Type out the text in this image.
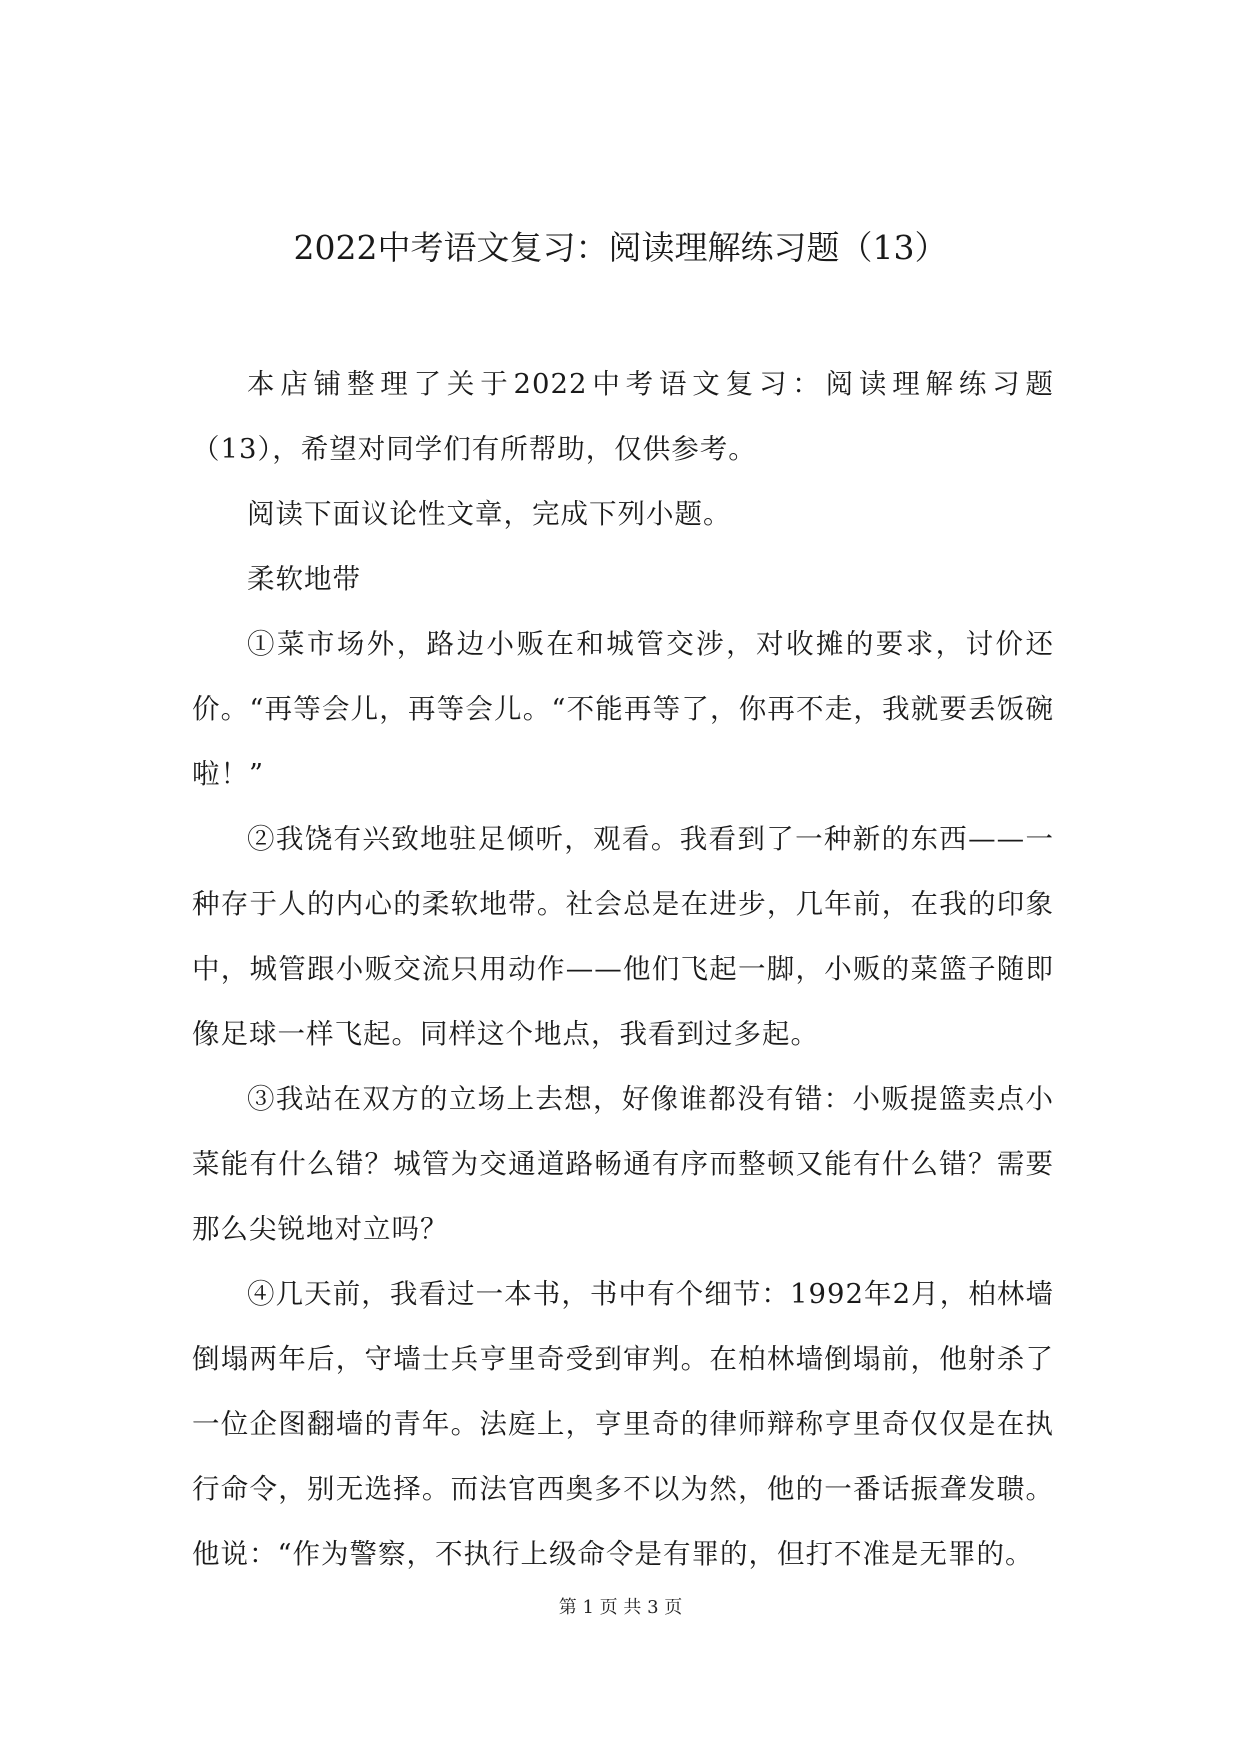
2022中考语文复习：阅读理解练习题（13）

本店铺整理了关于2022中考语文复习：阅读理解练习题（13），希望对同学们有所帮助，仅供参考。

阅读下面议论性文章，完成下列小题。

柔软地带

①菜市场外，路边小贩在和城管交涉，对收摊的要求，讨价还价。“再等会儿，再等会儿。“不能再等了，你再不走，我就要丢饭碗啦！”

②我饶有兴致地驻足倾听，观看。我看到了一种新的东西——一种存于人的内心的柔软地带。社会总是在进步，几年前，在我的印象中，城管跟小贩交流只用动作——他们飞起一脚，小贩的菜篮子随即像足球一样飞起。同样这个地点，我看到过多起。

③我站在双方的立场上去想，好像谁都没有错：小贩提篮卖点小菜能有什么错？城管为交通道路畅通有序而整顿又能有什么错？需要那么尖锐地对立吗？

④几天前，我看过一本书，书中有个细节：1992年2月，柏林墙倒塌两年后，守墙士兵亨里奇受到审判。在柏林墙倒塌前，他射杀了一位企图翻墙的青年。法庭上，亨里奇的律师辩称亨里奇仅仅是在执行命令，别无选择。而法官西奥多不以为然，他的一番话振聋发聩。他说：“作为警察，不执行上级命令是有罪的，但打不准是无罪的。

第 1 页 共 3 页
